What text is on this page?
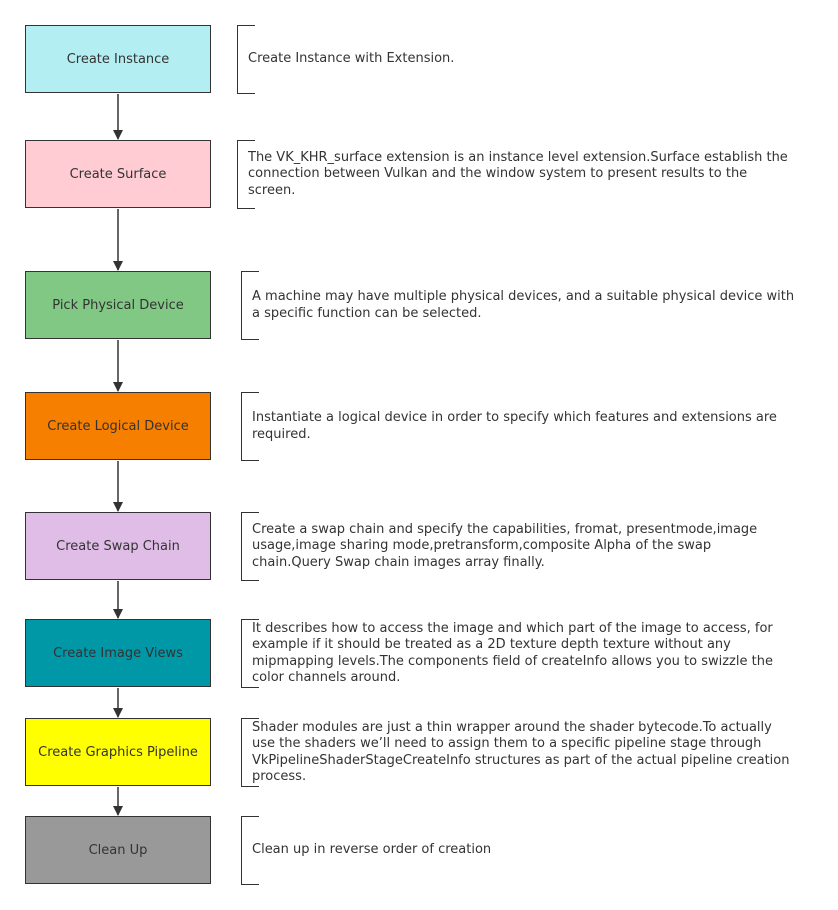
Create Instance	Create Instance with Extension.
Create Surface
The VK_KHR_surface extension is an instance level extension.Surface establish the connection between Vulkan and the window system to present results to the screen.
Pick Physical Device
A machine may have multiple physical devices, and a suitable physical device with a specific function can be selected.
Create Logical Device
Instantiate a logical device in order to specify which features and extensions are required.
Create Swap Chain
Create a swap chain and specify the capabilities, fromat, presentmode,image usage,image sharing mode,pretransform,composite Alpha of the swap chain.Query Swap chain images array finally.
Create Image Views
It describes how to access the image and which part of the image to access, for example if it should be treated as a 2D texture depth texture without any mipmapping levels.The components field of createInfo allows you to swizzle the color channels around.
Create Graphics Pipeline
Shader modules are just a thin wrapper around the shader bytecode.To actually use the shaders we’ll need to assign them to a specific pipeline stage through VkPipelineShaderStageCreateInfo structures as part of the actual pipeline creation process.
Clean Up	Clean up in reverse order of creation
